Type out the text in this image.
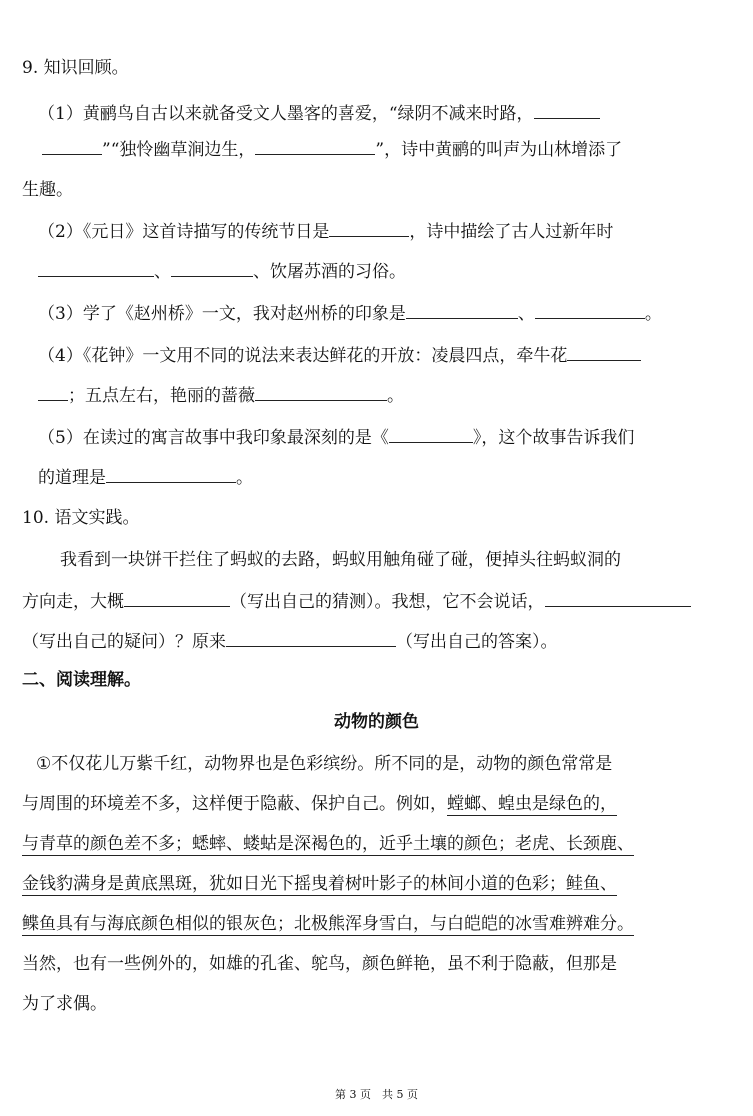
9. 知识回顾。
（1）黄鹂鸟自古以来就备受文人墨客的喜爱，“绿阴不减来时路，
”“独怜幽草涧边生，	”，诗中黄鹂的叫声为山林增添了
生趣。
（2）《元日》这首诗描写的传统节日是	，诗中描绘了古人过新年时
、	、饮屠苏酒的习俗。
（3）学了《赵州桥》一文，我对赵州桥的印象是	、	。
（4）《花钟》一文用不同的说法来表达鲜花的开放：凌晨四点，牵牛花
；五点左右，艳丽的蔷薇	。
（5）在读过的寓言故事中我印象最深刻的是《	》，这个故事告诉我们
的道理是	。
10. 语文实践。
我看到一块饼干拦住了蚂蚁的去路，蚂蚁用触角碰了碰，便掉头往蚂蚁洞的
方向走，大概	（写出自己的猜测）。我想，它不会说话，
（写出自己的疑问）？原来	（写出自己的答案）。
二、阅读理解。
动物的颜色
①不仅花儿万紫千红，动物界也是色彩缤纷。所不同的是，动物的颜色常常是
与周围的环境差不多，这样便于隐蔽、保护自己。例如，螳螂、蝗虫是绿色的，
与青草的颜色差不多；蟋蟀、蝼蛄是深褐色的，近乎土壤的颜色；老虎、长颈鹿、
金钱豹满身是黄底黑斑，犹如日光下摇曳着树叶影子的林间小道的色彩；鲑鱼、
鲽鱼具有与海底颜色相似的银灰色；北极熊浑身雪白，与白皑皑的冰雪难辨难分。
当然，也有一些例外的，如雄的孔雀、鸵鸟，颜色鲜艳，虽不利于隐蔽，但那是
为了求偶。
第 3 页　共 5 页
